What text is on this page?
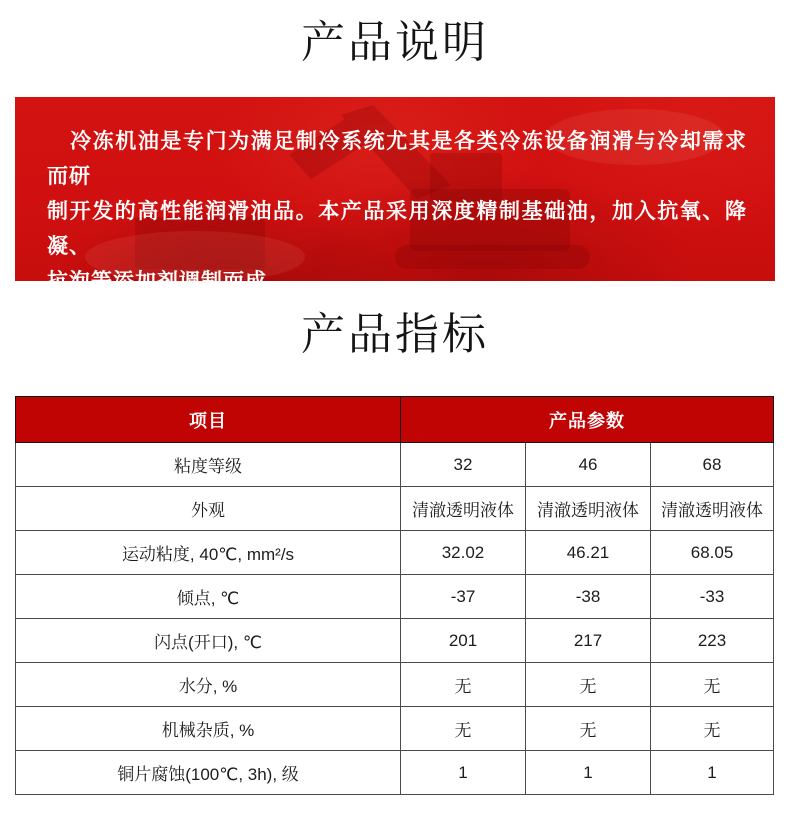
产品说明
冷冻机油是专门为满足制冷系统尤其是各类冷冻设备润滑与冷却需求而研
制开发的高性能润滑油品。本产品采用深度精制基础油，加入抗氧、降凝、
抗泡等添加剂调制而成。
产品指标
项目	产品参数		
粘度等级	32	46	68
外观	清澈透明液体	清澈透明液体	清澈透明液体
运动粘度, 40℃, mm²/s	32.02	46.21	68.05
倾点, ℃	-37	-38	-33
闪点(开口), ℃	201	217	223
水分, %	无	无	无
机械杂质, %	无	无	无
铜片腐蚀(100℃, 3h), 级	1	1	1
